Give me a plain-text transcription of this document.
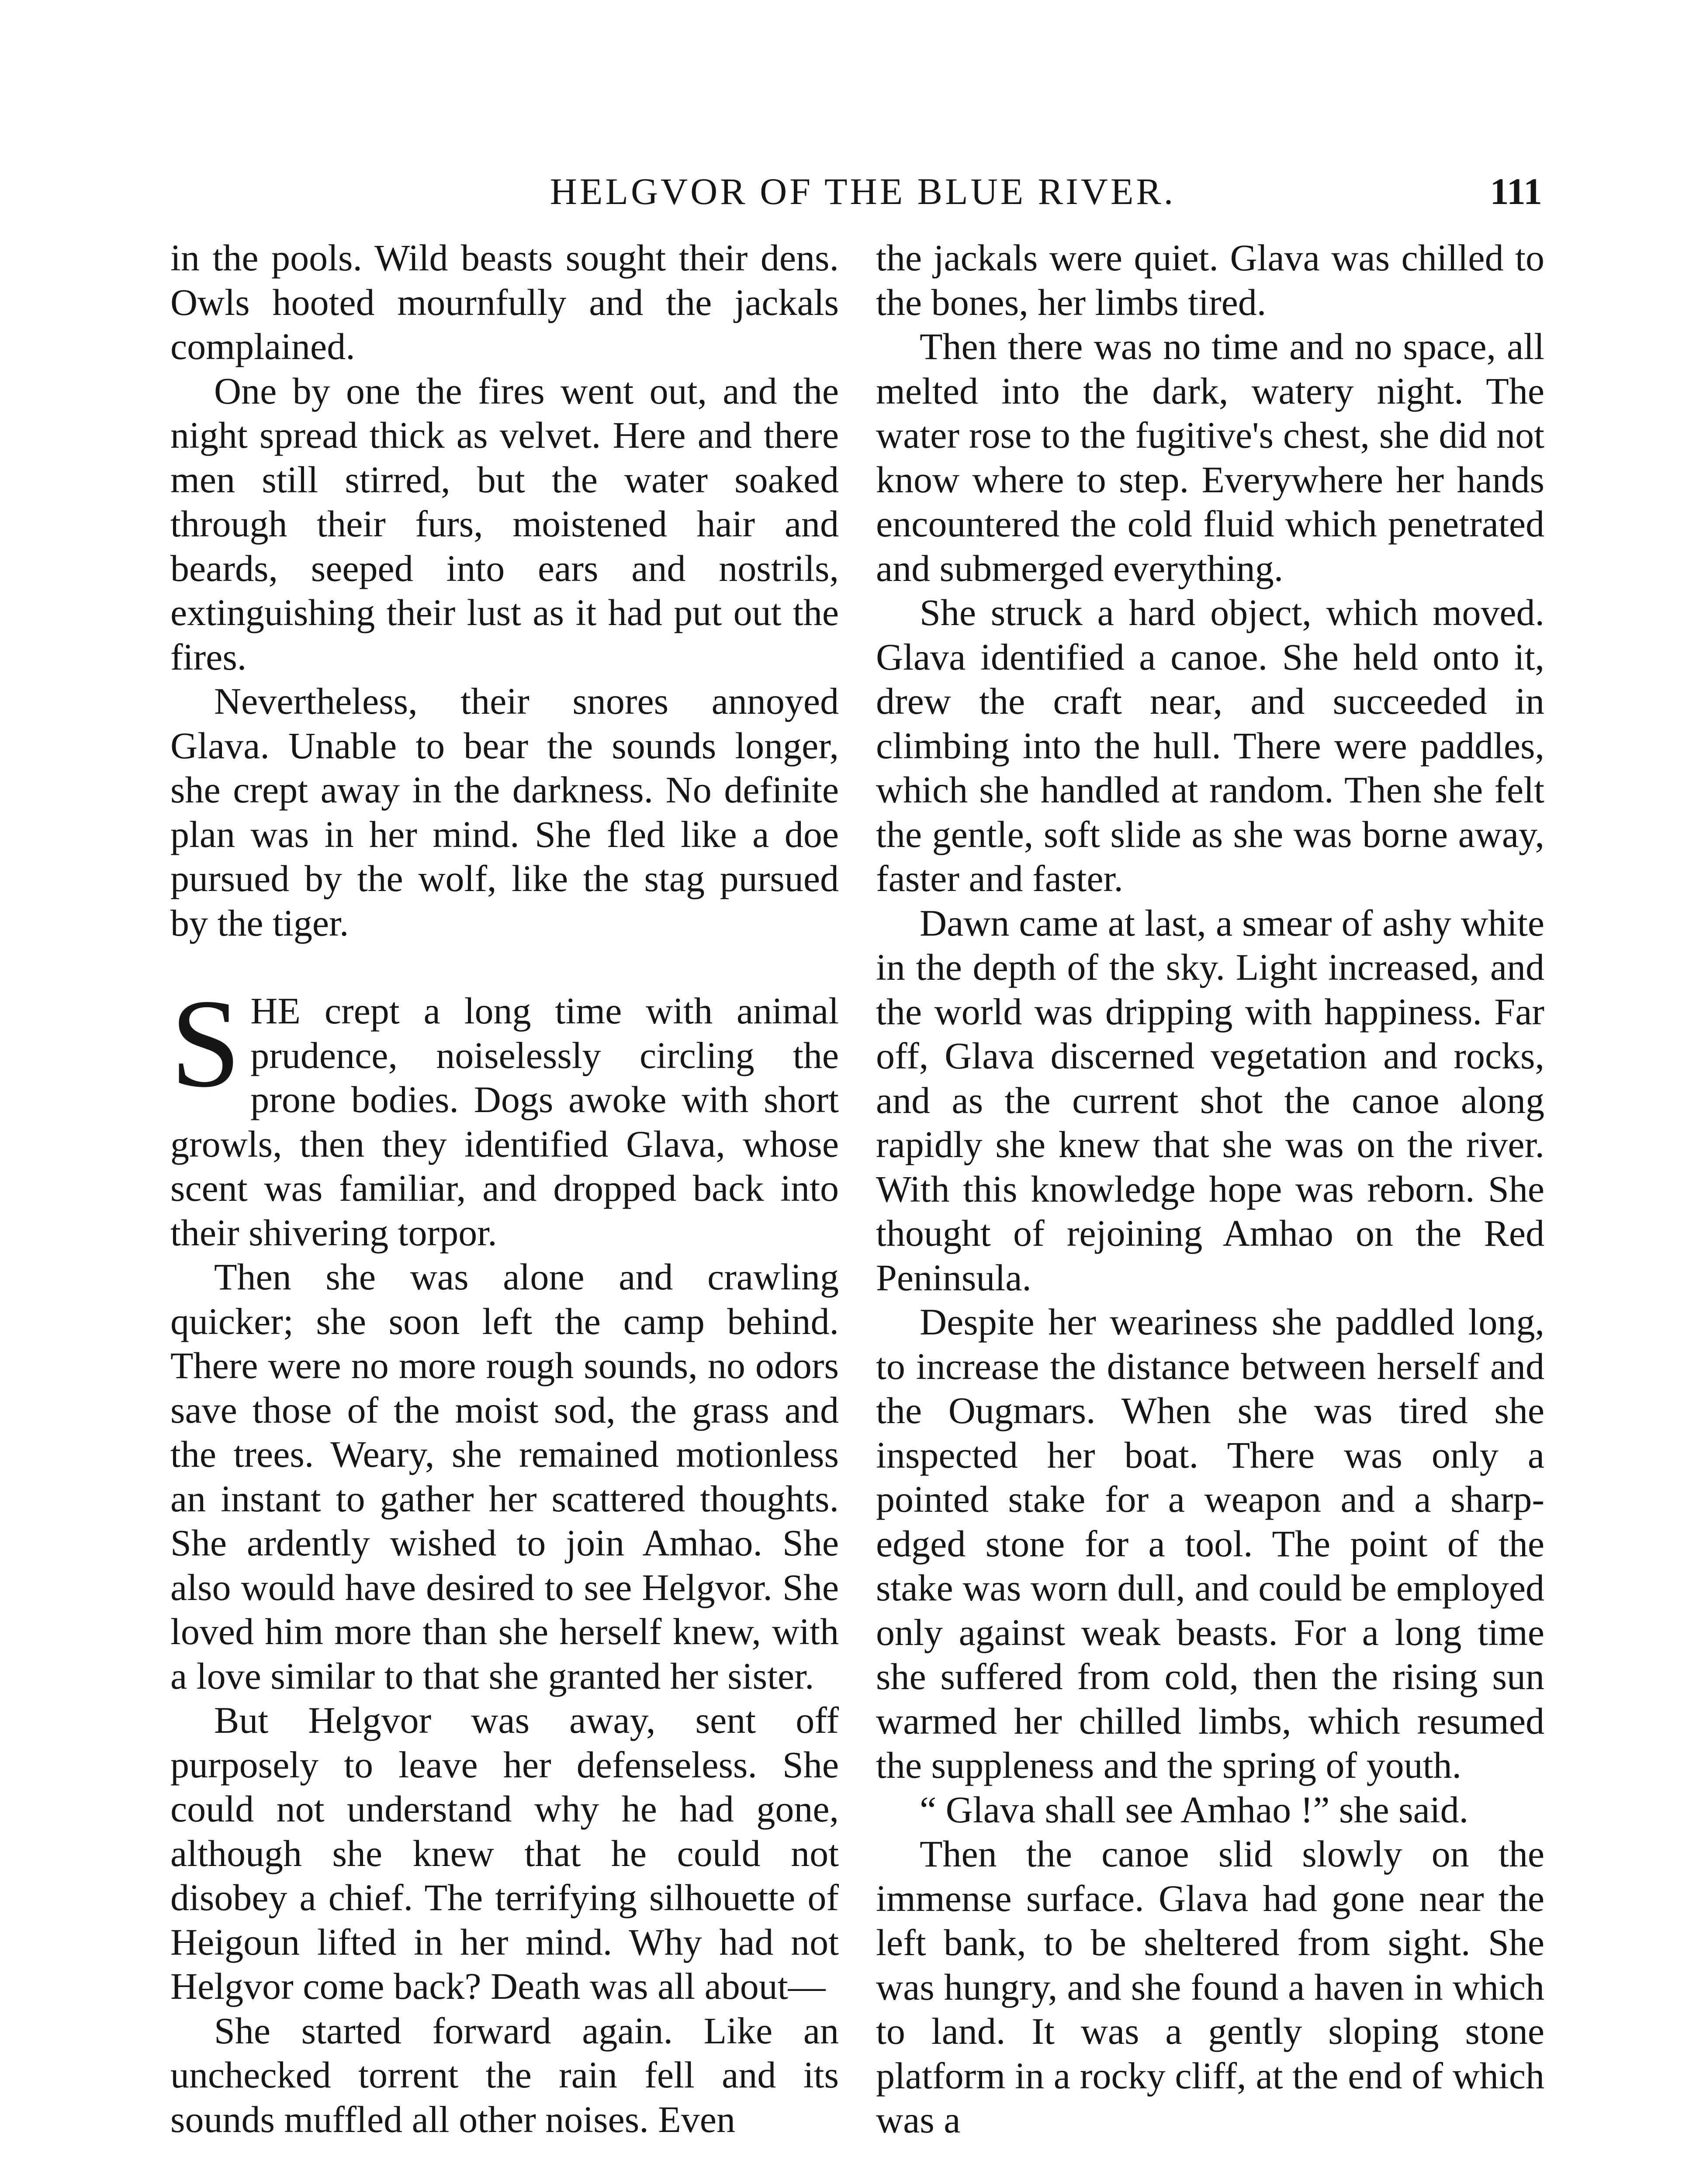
HELGVOR OF THE BLUE RIVER.	111

in the pools. Wild beasts sought their dens. Owls hooted mournfully and the jackals complained.

One by one the fires went out, and the night spread thick as velvet. Here and there men still stirred, but the water soaked through their furs, moistened hair and beards, seeped into ears and nostrils, extinguishing their lust as it had put out the fires.

Nevertheless, their snores annoyed Glava. Unable to bear the sounds longer, she crept away in the darkness. No definite plan was in her mind. She fled like a doe pursued by the wolf, like the stag pursued by the tiger.

SHE crept a long time with animal prudence, noiselessly circling the prone bodies. Dogs awoke with short growls, then they identified Glava, whose scent was familiar, and dropped back into their shivering torpor.

Then she was alone and crawling quicker; she soon left the camp behind. There were no more rough sounds, no odors save those of the moist sod, the grass and the trees. Weary, she remained motionless an instant to gather her scattered thoughts. She ardently wished to join Amhao. She also would have desired to see Helgvor. She loved him more than she herself knew, with a love similar to that she granted her sister.

But Helgvor was away, sent off purposely to leave her defenseless. She could not understand why he had gone, although she knew that he could not disobey a chief. The terrifying silhouette of Heigoun lifted in her mind. Why had not Helgvor come back? Death was all about—

She started forward again. Like an unchecked torrent the rain fell and its sounds muffled all other noises. Even

the jackals were quiet. Glava was chilled to the bones, her limbs tired.

Then there was no time and no space, all melted into the dark, watery night. The water rose to the fugitive's chest, she did not know where to step. Everywhere her hands encountered the cold fluid which penetrated and submerged everything.

She struck a hard object, which moved. Glava identified a canoe. She held onto it, drew the craft near, and succeeded in climbing into the hull. There were paddles, which she handled at random. Then she felt the gentle, soft slide as she was borne away, faster and faster.

Dawn came at last, a smear of ashy white in the depth of the sky. Light increased, and the world was dripping with happiness. Far off, Glava discerned vegetation and rocks, and as the current shot the canoe along rapidly she knew that she was on the river. With this knowledge hope was reborn. She thought of rejoining Amhao on the Red Peninsula.

Despite her weariness she paddled long, to increase the distance between herself and the Ougmars. When she was tired she inspected her boat. There was only a pointed stake for a weapon and a sharp-edged stone for a tool. The point of the stake was worn dull, and could be employed only against weak beasts. For a long time she suffered from cold, then the rising sun warmed her chilled limbs, which resumed the suppleness and the spring of youth.

“ Glava shall see Amhao !” she said.

Then the canoe slid slowly on the immense surface. Glava had gone near the left bank, to be sheltered from sight. She was hungry, and she found a haven in which to land. It was a gently sloping stone platform in a rocky cliff, at the end of which was a
